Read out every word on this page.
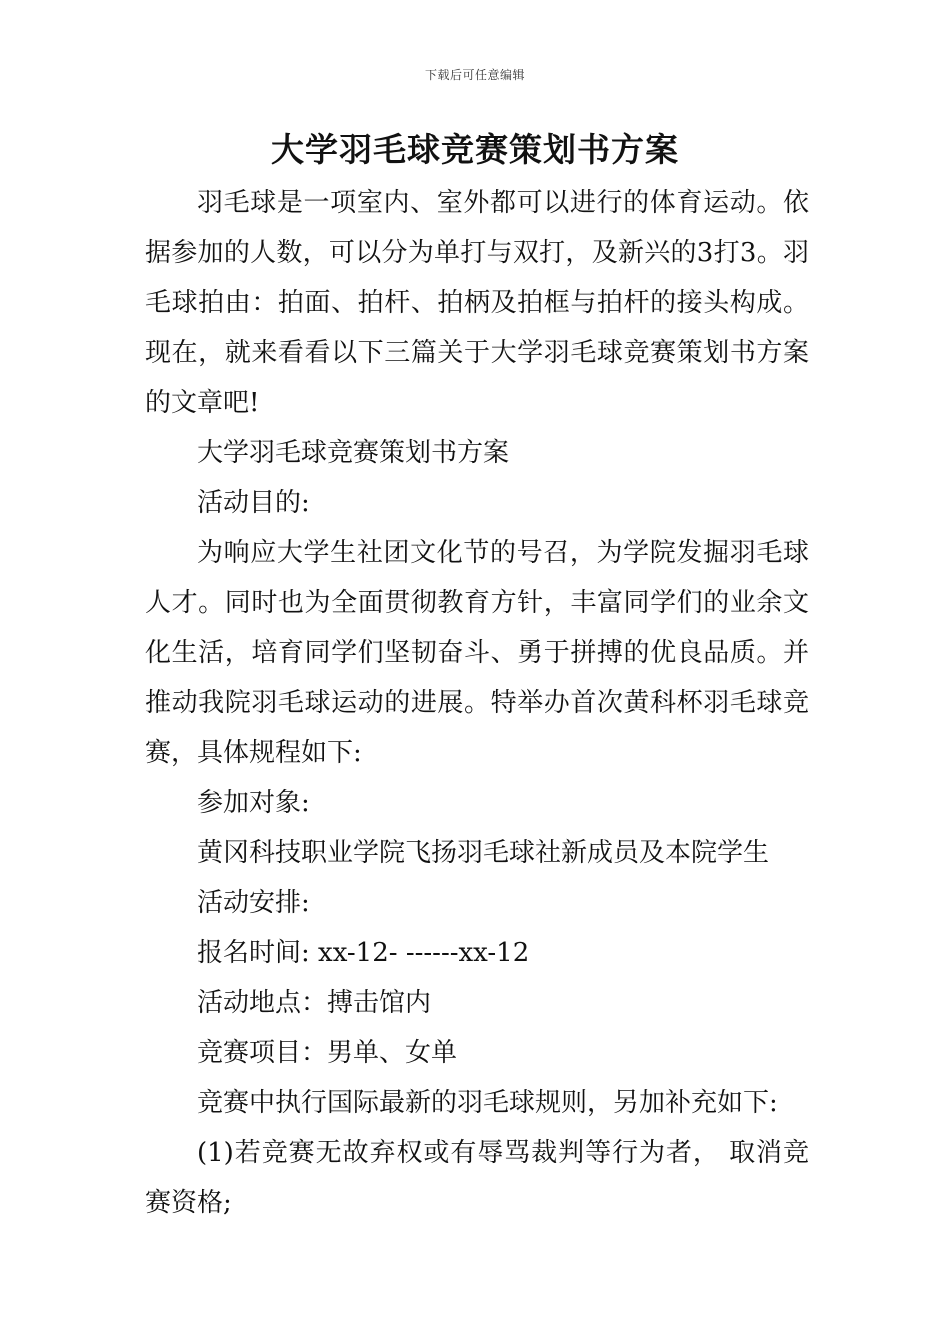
下载后可任意编辑
大学羽毛球竞赛策划书方案

羽毛球是一项室内、室外都可以进行的体育运动。依据参加的人数，可以分为单打与双打，及新兴的3打3。羽毛球拍由：拍面、拍杆、拍柄及拍框与拍杆的接头构成。现在，就来看看以下三篇关于大学羽毛球竞赛策划书方案的文章吧!

大学羽毛球竞赛策划书方案

活动目的:

为响应大学生社团文化节的号召，为学院发掘羽毛球人才。同时也为全面贯彻教育方针，丰富同学们的业余文化生活，培育同学们坚韧奋斗、勇于拼搏的优良品质。并推动我院羽毛球运动的进展。特举办首次黄科杯羽毛球竞赛，具体规程如下:

参加对象:

黄冈科技职业学院飞扬羽毛球社新成员及本院学生

活动安排:

报名时间: xx-12- ------xx-12

活动地点：搏击馆内

竞赛项目：男单、女单

竞赛中执行国际最新的羽毛球规则，另加补充如下:

(1)若竞赛无故弃权或有辱骂裁判等行为者， 取消竞赛资格;
